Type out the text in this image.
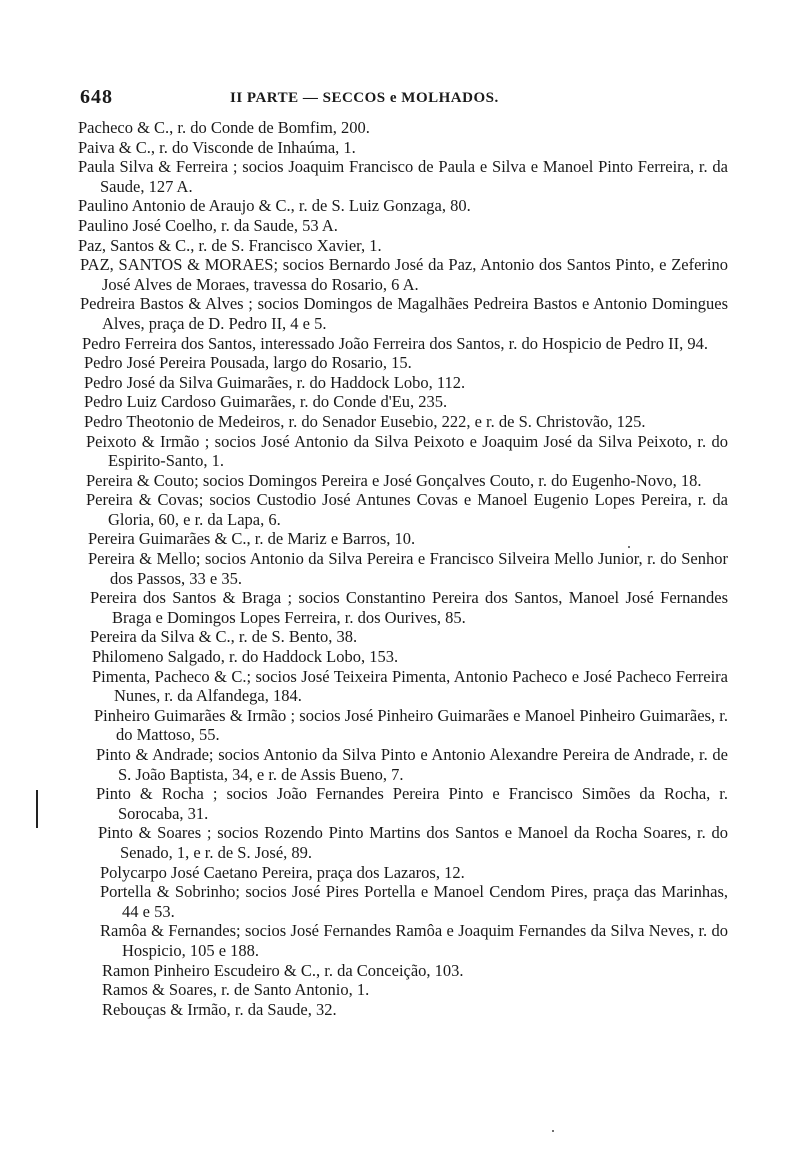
648	II PARTE — SECCOS e MOLHADOS.

Pacheco & C., r. do Conde de Bomfim, 200.

Paiva & C., r. do Visconde de Inhaúma, 1.

Paula Silva & Ferreira ; socios Joaquim Francisco de Paula e Silva e Manoel Pinto Ferreira, r. da Saude, 127 A.

Paulino Antonio de Araujo & C., r. de S. Luiz Gonzaga, 80.

Paulino José Coelho, r. da Saude, 53 A.

Paz, Santos & C., r. de S. Francisco Xavier, 1.

PAZ, SANTOS & MORAES; socios Bernardo José da Paz, Antonio dos Santos Pinto, e Zeferino José Alves de Moraes, travessa do Rosario, 6 A.

Pedreira Bastos & Alves ; socios Domingos de Magalhães Pedreira Bastos e Antonio Domingues Alves, praça de D. Pedro II, 4 e 5.

Pedro Ferreira dos Santos, interessado João Ferreira dos Santos, r. do Hospicio de Pedro II, 94.

Pedro José Pereira Pousada, largo do Rosario, 15.

Pedro José da Silva Guimarães, r. do Haddock Lobo, 112.

Pedro Luiz Cardoso Guimarães, r. do Conde d'Eu, 235.

Pedro Theotonio de Medeiros, r. do Senador Eusebio, 222, e r. de S. Christovão, 125.

Peixoto & Irmão ; socios José Antonio da Silva Peixoto e Joaquim José da Silva Peixoto, r. do Espirito-Santo, 1.

Pereira & Couto; socios Domingos Pereira e José Gonçalves Couto, r. do Eugenho-Novo, 18.

Pereira & Covas; socios Custodio José Antunes Covas e Manoel Eugenio Lopes Pereira, r. da Gloria, 60, e r. da Lapa, 6.

Pereira Guimarães & C., r. de Mariz e Barros, 10.

Pereira & Mello; socios Antonio da Silva Pereira e Francisco Silveira Mello Junior, r. do Senhor dos Passos, 33 e 35.

Pereira dos Santos & Braga ; socios Constantino Pereira dos Santos, Manoel José Fernandes Braga e Domingos Lopes Ferreira, r. dos Ourives, 85.

Pereira da Silva & C., r. de S. Bento, 38.

Philomeno Salgado, r. do Haddock Lobo, 153.

Pimenta, Pacheco & C.; socios José Teixeira Pimenta, Antonio Pacheco e José Pacheco Ferreira Nunes, r. da Alfandega, 184.

Pinheiro Guimarães & Irmão ; socios José Pinheiro Guimarães e Manoel Pinheiro Guimarães, r. do Mattoso, 55.

Pinto & Andrade; socios Antonio da Silva Pinto e Antonio Alexandre Pereira de Andrade, r. de S. João Baptista, 34, e r. de Assis Bueno, 7.

Pinto & Rocha ; socios João Fernandes Pereira Pinto e Francisco Simões da Rocha, r. Sorocaba, 31.

Pinto & Soares ; socios Rozendo Pinto Martins dos Santos e Manoel da Rocha Soares, r. do Senado, 1, e r. de S. José, 89.

Polycarpo José Caetano Pereira, praça dos Lazaros, 12.

Portella & Sobrinho; socios José Pires Portella e Manoel Cendom Pires, praça das Marinhas, 44 e 53.

Ramôa & Fernandes; socios José Fernandes Ramôa e Joaquim Fernandes da Silva Neves, r. do Hospicio, 105 e 188.

Ramon Pinheiro Escudeiro & C., r. da Conceição, 103.

Ramos & Soares, r. de Santo Antonio, 1.

Rebouças & Irmão, r. da Saude, 32.
